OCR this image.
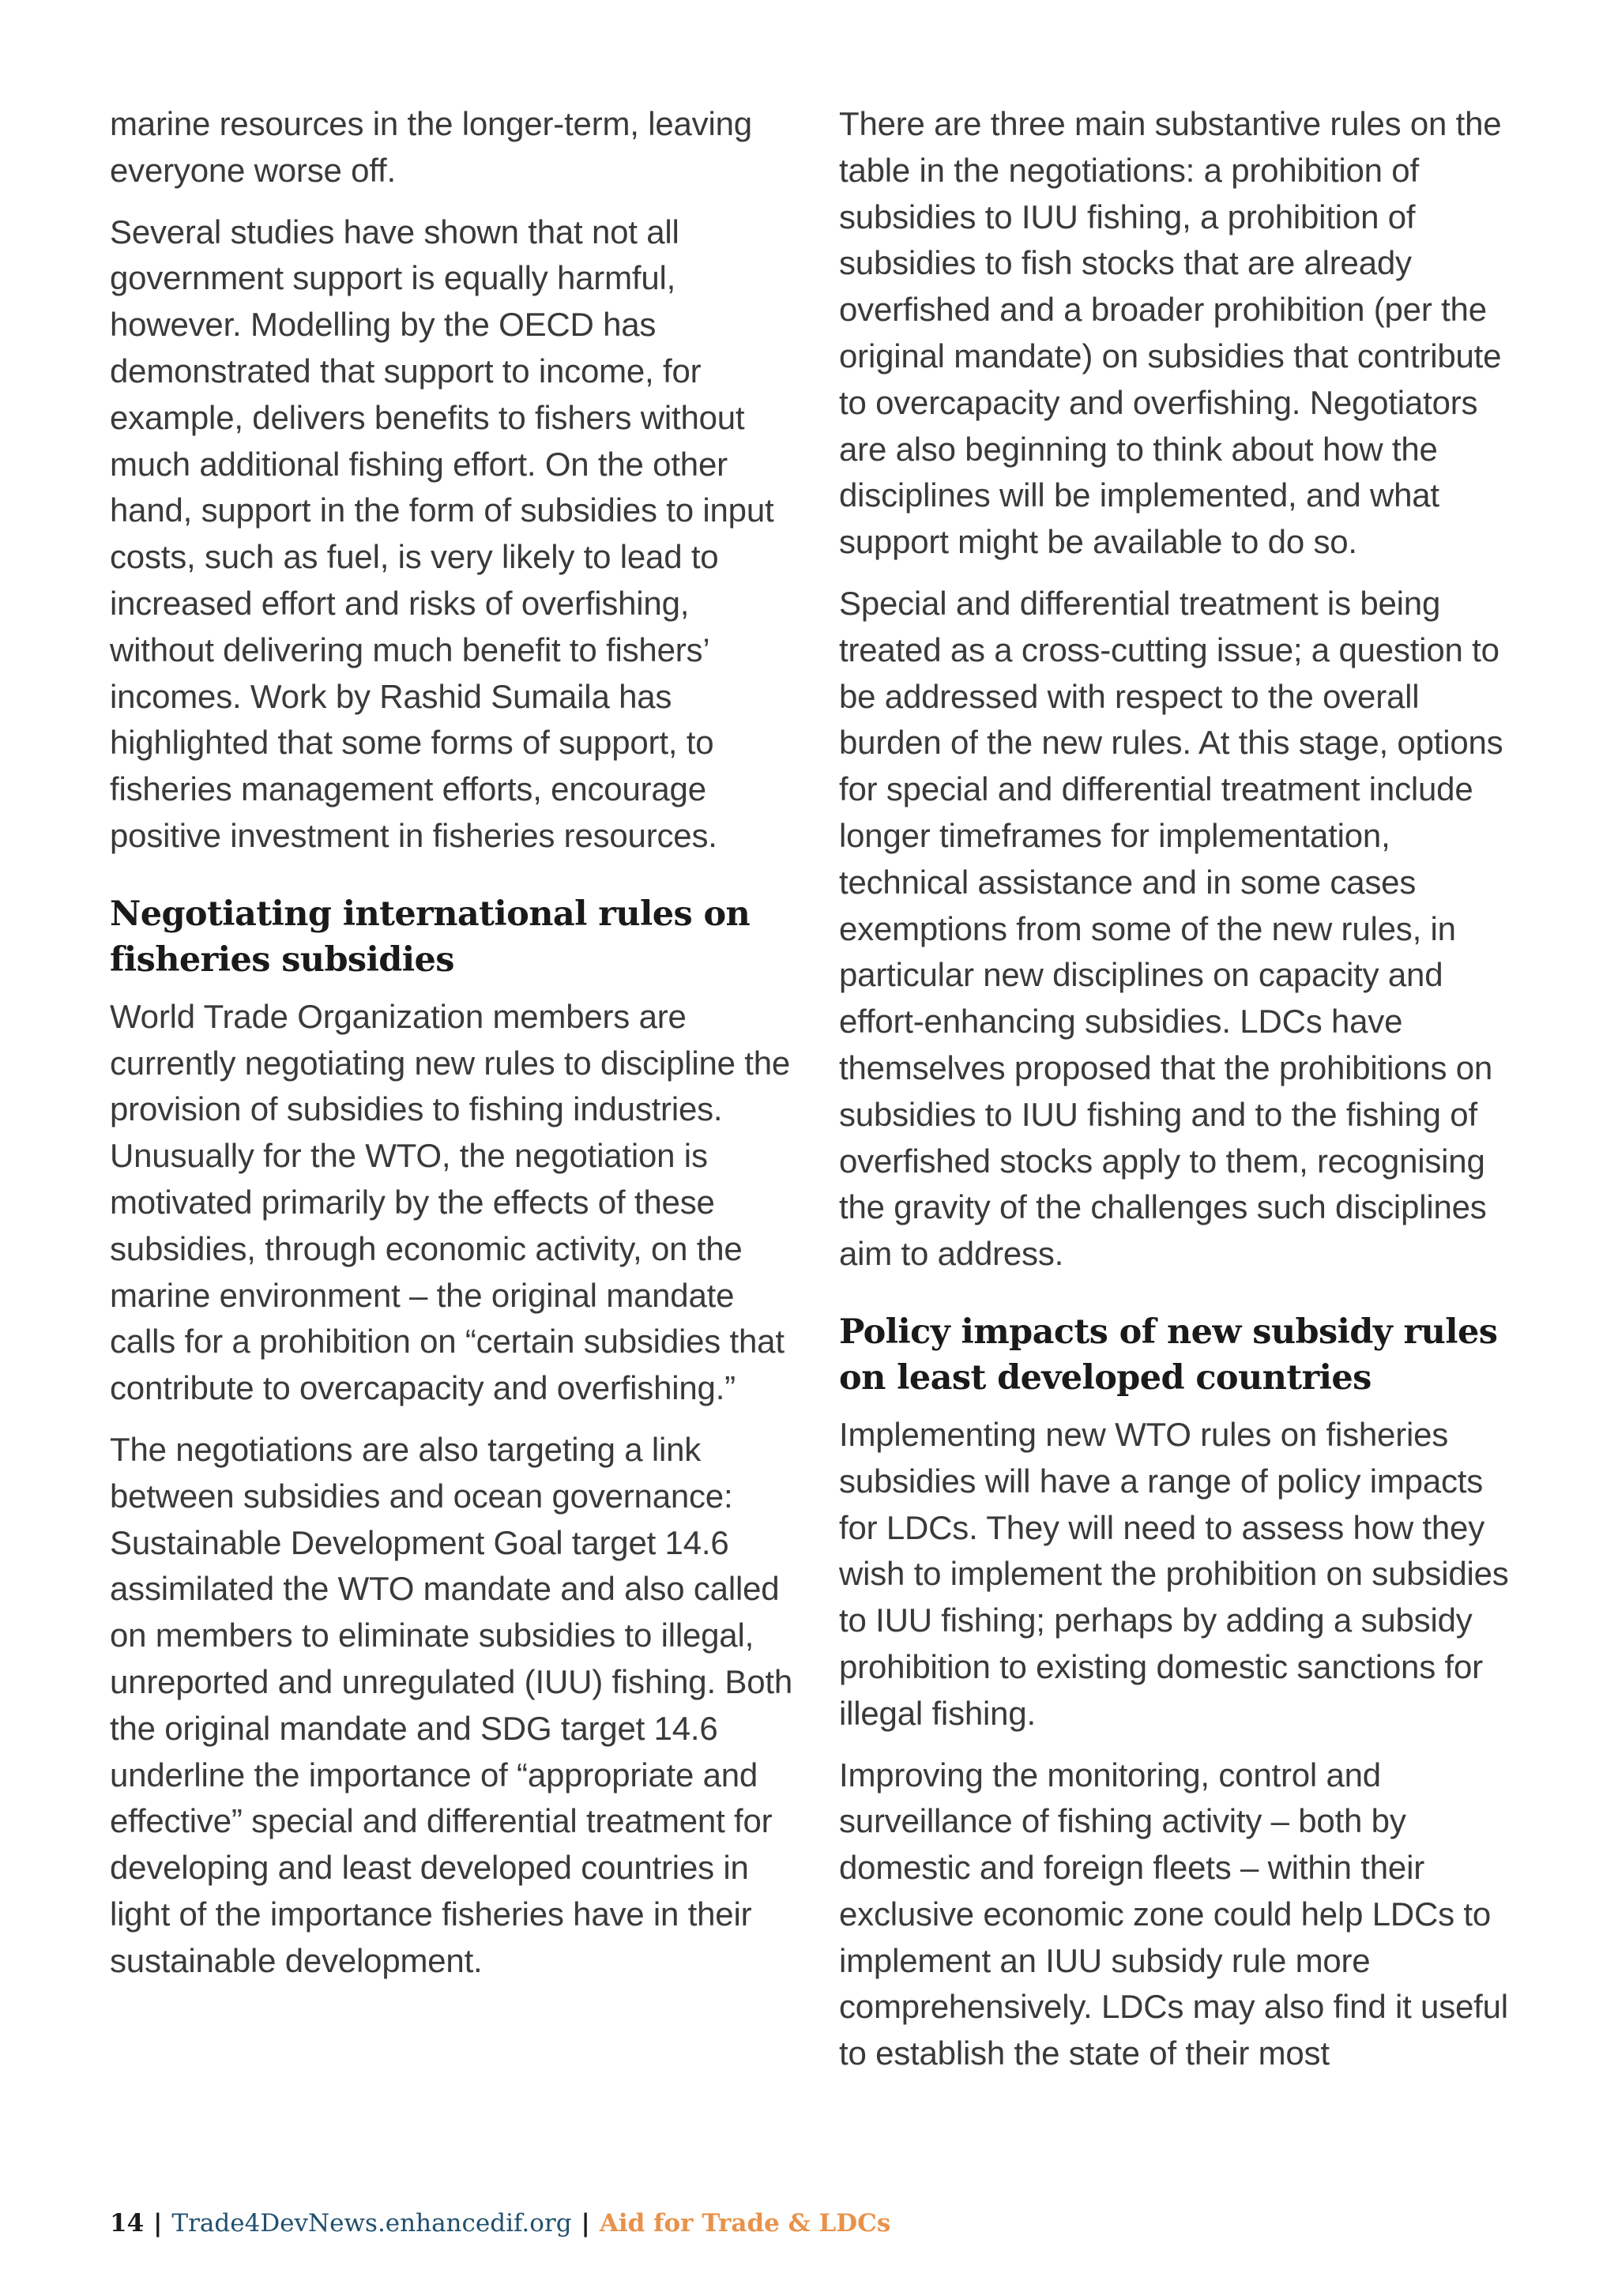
marine resources in the longer-term, leaving everyone worse off.

Several studies have shown that not all government support is equally harmful, however. Modelling by the OECD has demonstrated that support to income, for example, delivers benefits to fishers without much additional fishing effort. On the other hand, support in the form of subsidies to input costs, such as fuel, is very likely to lead to increased effort and risks of overfishing, without delivering much benefit to fishers’ incomes. Work by Rashid Sumaila has highlighted that some forms of support, to fisheries management efforts, encourage positive investment in fisheries resources.

Negotiating international rules on fisheries subsidies

World Trade Organization members are currently negotiating new rules to discipline the provision of subsidies to fishing industries. Unusually for the WTO, the negotiation is motivated primarily by the effects of these subsidies, through economic activity, on the marine environment – the original mandate calls for a prohibition on “certain subsidies that contribute to overcapacity and overfishing.”

The negotiations are also targeting a link between subsidies and ocean governance: Sustainable Development Goal target 14.6 assimilated the WTO mandate and also called on members to eliminate subsidies to illegal, unreported and unregulated (IUU) fishing. Both the original mandate and SDG target 14.6 underline the importance of “appropriate and effective” special and differential treatment for developing and least developed countries in light of the importance fisheries have in their sustainable development.

There are three main substantive rules on the table in the negotiations: a prohibition of subsidies to IUU fishing, a prohibition of subsidies to fish stocks that are already overfished and a broader prohibition (per the original mandate) on subsidies that contribute to overcapacity and overfishing. Negotiators are also beginning to think about how the disciplines will be implemented, and what support might be available to do so.

Special and differential treatment is being treated as a cross-cutting issue; a question to be addressed with respect to the overall burden of the new rules. At this stage, options for special and differential treatment include longer timeframes for implementation, technical assistance and in some cases exemptions from some of the new rules, in particular new disciplines on capacity and effort-enhancing subsidies. LDCs have themselves proposed that the prohibitions on subsidies to IUU fishing and to the fishing of overfished stocks apply to them, recognising the gravity of the challenges such disciplines aim to address.

Policy impacts of new subsidy rules on least developed countries

Implementing new WTO rules on fisheries subsidies will have a range of policy impacts for LDCs. They will need to assess how they wish to implement the prohibition on subsidies to IUU fishing; perhaps by adding a subsidy prohibition to existing domestic sanctions for illegal fishing.

Improving the monitoring, control and surveillance of fishing activity – both by domestic and foreign fleets – within their exclusive economic zone could help LDCs to implement an IUU subsidy rule more comprehensively. LDCs may also find it useful to establish the state of their most

14 | Trade4DevNews.enhancedif.org | Aid for Trade & LDCs
